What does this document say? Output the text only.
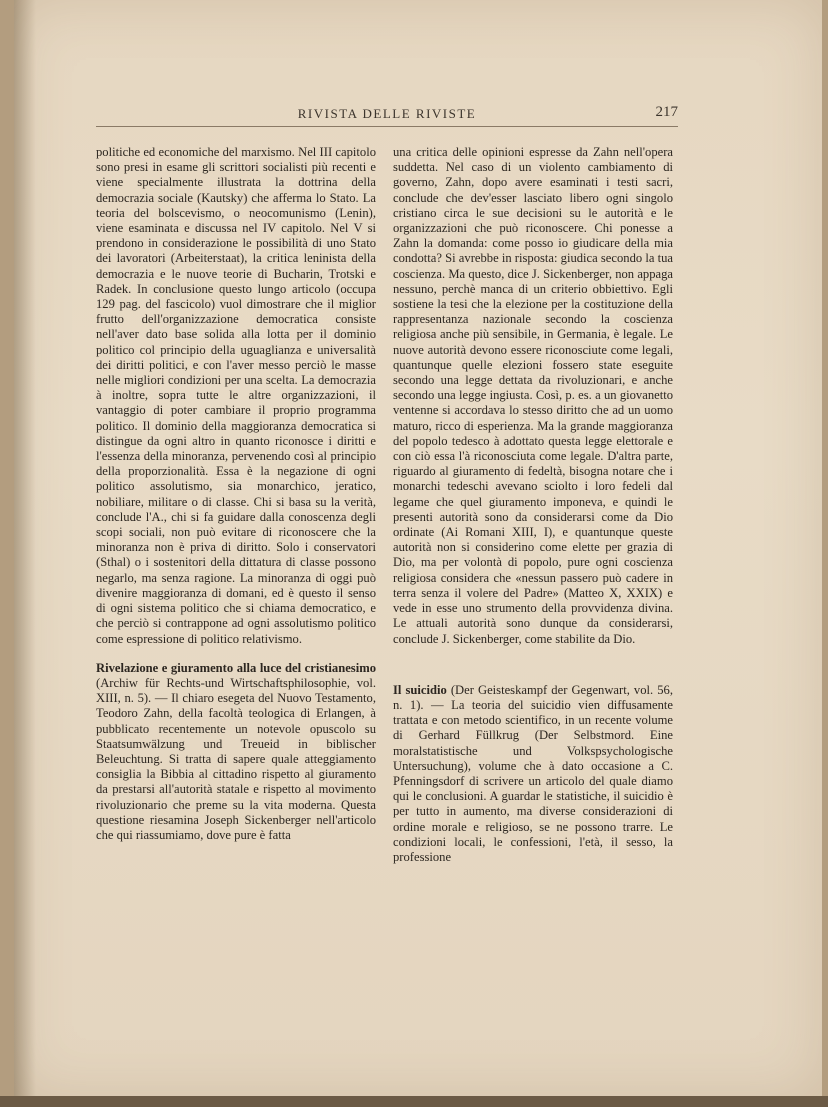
RIVISTA DELLE RIVISTE	217

politiche ed economiche del marxismo. Nel III capitolo sono presi in esame gli scrittori socialisti più recenti e viene specialmente illustrata la dottrina della democrazia sociale (Kautsky) che afferma lo Stato. La teoria del bolscevismo, o neocomunismo (Lenin), viene esaminata e discussa nel IV capitolo. Nel V si prendono in considerazione le possibilità di uno Stato dei lavoratori (Arbeiterstaat), la critica leninista della democrazia e le nuove teorie di Bucharin, Trotski e Radek. In conclusione questo lungo articolo (occupa 129 pag. del fascicolo) vuol dimostrare che il miglior frutto dell'organizzazione democratica consiste nell'aver dato base solida alla lotta per il dominio politico col principio della uguaglianza e universalità dei diritti politici, e con l'aver messo perciò le masse nelle migliori condizioni per una scelta. La democrazia à inoltre, sopra tutte le altre organizzazioni, il vantaggio di poter cambiare il proprio programma politico. Il dominio della maggioranza democratica si distingue da ogni altro in quanto riconosce i diritti e l'essenza della minoranza, pervenendo così al principio della proporzionalità. Essa è la negazione di ogni politico assolutismo, sia monarchico, jeratico, nobiliare, militare o di classe. Chi si basa su la verità, conclude l'A., chi si fa guidare dalla conoscenza degli scopi sociali, non può evitare di riconoscere che la minoranza non è priva di diritto. Solo i conservatori (Sthal) o i sostenitori della dittatura di classe possono negarlo, ma senza ragione. La minoranza di oggi può divenire maggioranza di domani, ed è questo il senso di ogni sistema politico che si chiama democratico, e che perciò si contrappone ad ogni assolutismo politico come espressione di politico relativismo.

Rivelazione e giuramento alla luce del cristianesimo (Archiw für Rechts-und Wirtschaftsphilosophie, vol. XIII, n. 5). — Il chiaro esegeta del Nuovo Testamento, Teodoro Zahn, della facoltà teologica di Erlangen, à pubblicato recentemente un notevole opuscolo su Staatsumwälzung und Treueid in biblischer Beleuchtung. Si tratta di sapere quale atteggiamento consiglia la Bibbia al cittadino rispetto al giuramento da prestarsi all'autorità statale e rispetto al movimento rivoluzionario che preme su la vita moderna. Questa questione riesamina Joseph Sickenberger nell'articolo che qui riassumiamo, dove pure è fatta

una critica delle opinioni espresse da Zahn nell'opera suddetta. Nel caso di un violento cambiamento di governo, Zahn, dopo avere esaminati i testi sacri, conclude che dev'esser lasciato libero ogni singolo cristiano circa le sue decisioni su le autorità e le organizzazioni che può riconoscere. Chi ponesse a Zahn la domanda: come posso io giudicare della mia condotta? Si avrebbe in risposta: giudica secondo la tua coscienza. Ma questo, dice J. Sickenberger, non appaga nessuno, perchè manca di un criterio obbiettivo. Egli sostiene la tesi che la elezione per la costituzione della rappresentanza nazionale secondo la coscienza religiosa anche più sensibile, in Germania, è legale. Le nuove autorità devono essere riconosciute come legali, quantunque quelle elezioni fossero state eseguite secondo una legge dettata da rivoluzionari, e anche secondo una legge ingiusta. Così, p. es. a un giovanetto ventenne si accordava lo stesso diritto che ad un uomo maturo, ricco di esperienza. Ma la grande maggioranza del popolo tedesco à adottato questa legge elettorale e con ciò essa l'à riconosciuta come legale. D'altra parte, riguardo al giuramento di fedeltà, bisogna notare che i monarchi tedeschi avevano sciolto i loro fedeli dal legame che quel giuramento imponeva, e quindi le presenti autorità sono da considerarsi come da Dio ordinate (Ai Romani XIII, I), e quantunque queste autorità non si considerino come elette per grazia di Dio, ma per volontà di popolo, pure ogni coscienza religiosa considera che «nessun passero può cadere in terra senza il volere del Padre» (Matteo X, XXIX) e vede in esse uno strumento della provvidenza divina. Le attuali autorità sono dunque da considerarsi, conclude J. Sickenberger, come stabilite da Dio.

Il suicidio (Der Geisteskampf der Gegenwart, vol. 56, n. 1). — La teoria del suicidio vien diffusamente trattata e con metodo scientifico, in un recente volume di Gerhard Füllkrug (Der Selbstmord. Eine moralstatistische und Volkspsychologische Untersuchung), volume che à dato occasione a C. Pfenningsdorf di scrivere un articolo del quale diamo qui le conclusioni. A guardar le statistiche, il suicidio è per tutto in aumento, ma diverse considerazioni di ordine morale e religioso, se ne possono trarre. Le condizioni locali, le confessioni, l'età, il sesso, la professione
